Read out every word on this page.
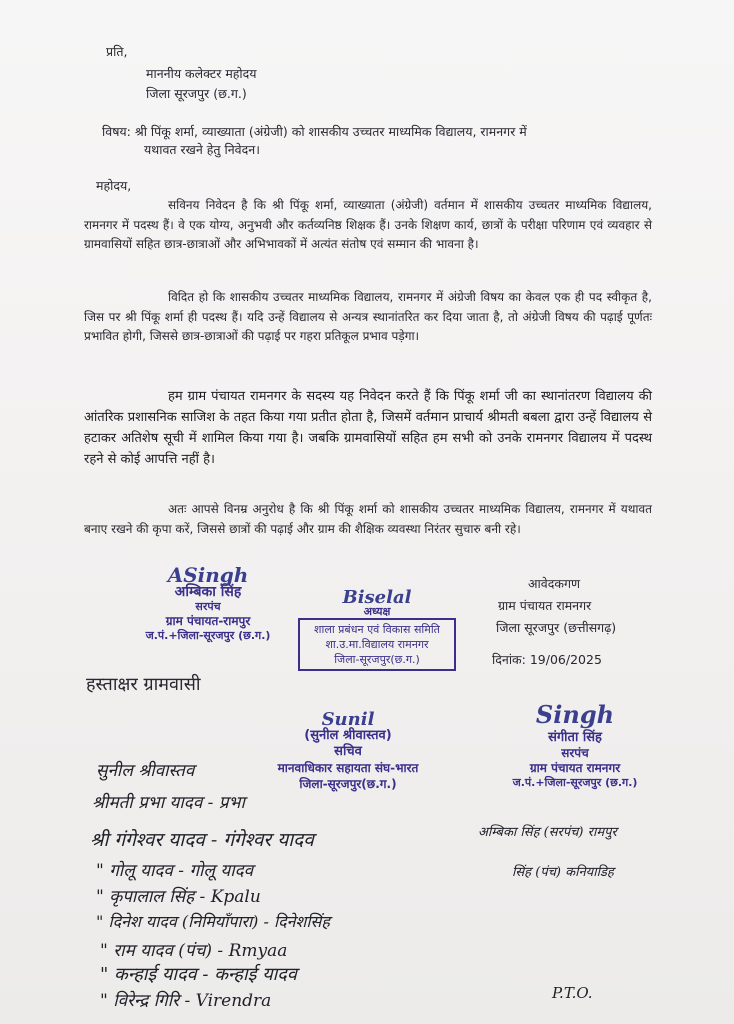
प्रति,
माननीय कलेक्टर महोदय
जिला सूरजपुर (छ.ग.)
विषय: श्री पिंकू शर्मा, व्याख्याता (अंग्रेजी) को शासकीय उच्चतर माध्यमिक विद्यालय, रामनगर में
यथावत रखने हेतु निवेदन।
महोदय,
सविनय निवेदन है कि श्री पिंकू शर्मा, व्याख्याता (अंग्रेजी) वर्तमान में शासकीय उच्चतर माध्यमिक विद्यालय, रामनगर में पदस्थ हैं। वे एक योग्य, अनुभवी और कर्तव्यनिष्ठ शिक्षक हैं। उनके शिक्षण कार्य, छात्रों के परीक्षा परिणाम एवं व्यवहार से ग्रामवासियों सहित छात्र-छात्राओं और अभिभावकों में अत्यंत संतोष एवं सम्मान की भावना है।
विदित हो कि शासकीय उच्चतर माध्यमिक विद्यालय, रामनगर में अंग्रेजी विषय का केवल एक ही पद स्वीकृत है, जिस पर श्री पिंकू शर्मा ही पदस्थ हैं। यदि उन्हें विद्यालय से अन्यत्र स्थानांतरित कर दिया जाता है, तो अंग्रेजी विषय की पढ़ाई पूर्णतः प्रभावित होगी, जिससे छात्र-छात्राओं की पढ़ाई पर गहरा प्रतिकूल प्रभाव पड़ेगा।
हम ग्राम पंचायत रामनगर के सदस्य यह निवेदन करते हैं कि पिंकू शर्मा जी का स्थानांतरण विद्यालय की आंतरिक प्रशासनिक साजिश के तहत किया गया प्रतीत होता है, जिसमें वर्तमान प्राचार्य श्रीमती बबला द्वारा उन्हें विद्यालय से हटाकर अतिशेष सूची में शामिल किया गया है। जबकि ग्रामवासियों सहित हम सभी को उनके रामनगर विद्यालय में पदस्थ रहने से कोई आपत्ति नहीं है।
अतः आपसे विनम्र अनुरोध है कि श्री पिंकू शर्मा को शासकीय उच्चतर माध्यमिक विद्यालय, रामनगर में यथावत बनाए रखने की कृपा करें, जिससे छात्रों की पढ़ाई और ग्राम की शैक्षिक व्यवस्था निरंतर सुचारु बनी रहे।
ASingh
अम्बिका सिंह
सरपंच
ग्राम पंचायत-रामपुर
ज.पं.+जिला-सूरजपुर (छ.ग.)
Biselal
अध्यक्ष
शाला प्रबंधन एवं विकास समिति
शा.उ.मा.विद्यालय रामनगर
जिला-सूरजपुर(छ.ग.)
आवेदकगण
ग्राम पंचायत रामनगर
जिला सूरजपुर (छत्तीसगढ़)
दिनांक: 19/06/2025
हस्ताक्षर ग्रामवासी
Sunil
(सुनील श्रीवास्तव)
सचिव
मानवाधिकार सहायता संघ-भारत
जिला-सूरजपुर(छ.ग.)
Singh
संगीता सिंह
सरपंच
ग्राम पंचायत रामनगर
ज.पं.+जिला-सूरजपुर (छ.ग.)
सुनील श्रीवास्तव
श्रीमती प्रभा यादव - प्रभा
श्री गंगेश्वर यादव - गंगेश्वर यादव
" गोलू यादव - गोलू यादव
" कृपालाल सिंह - Kpalu
" दिनेश यादव (निमियाँपारा) - दिनेशसिंह
" राम यादव (पंच) - Rmyaa
" कन्हाई यादव - कन्हाई यादव
" विरेन्द्र गिरि - Virendra
अम्बिका सिंह (सरपंच) रामपुर
सिंह (पंच) कनियाडिह
P.T.O.
